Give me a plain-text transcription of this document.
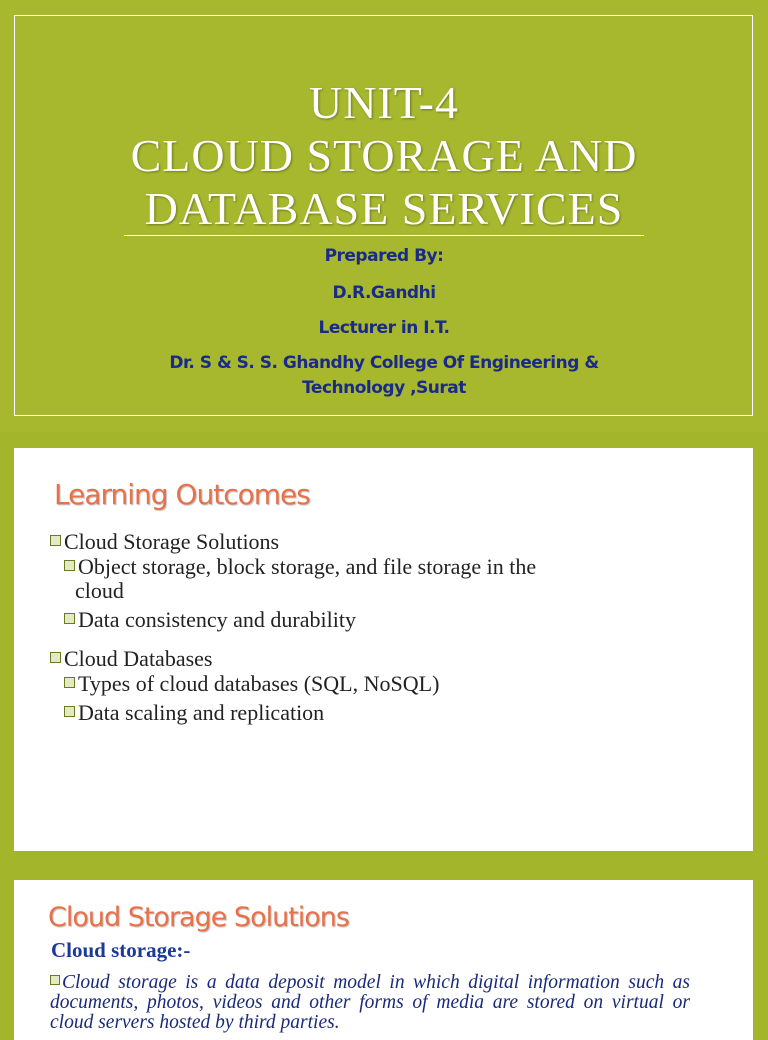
UNIT-4
CLOUD STORAGE AND
DATABASE SERVICES
Prepared By:
D.R.Gandhi
Lecturer in I.T.
Dr. S & S. S. Ghandhy College Of Engineering &
Technology ,Surat
Learning Outcomes
Cloud Storage Solutions
Object storage, block storage, and file storage in the
cloud
Data consistency and durability
Cloud Databases
Types of cloud databases (SQL, NoSQL)
Data scaling and replication
Cloud Storage Solutions
Cloud storage:-
Cloud storage is a data deposit model in which digital information such as documents, photos, videos and other forms of media are stored on virtual or cloud servers hosted by third parties.
